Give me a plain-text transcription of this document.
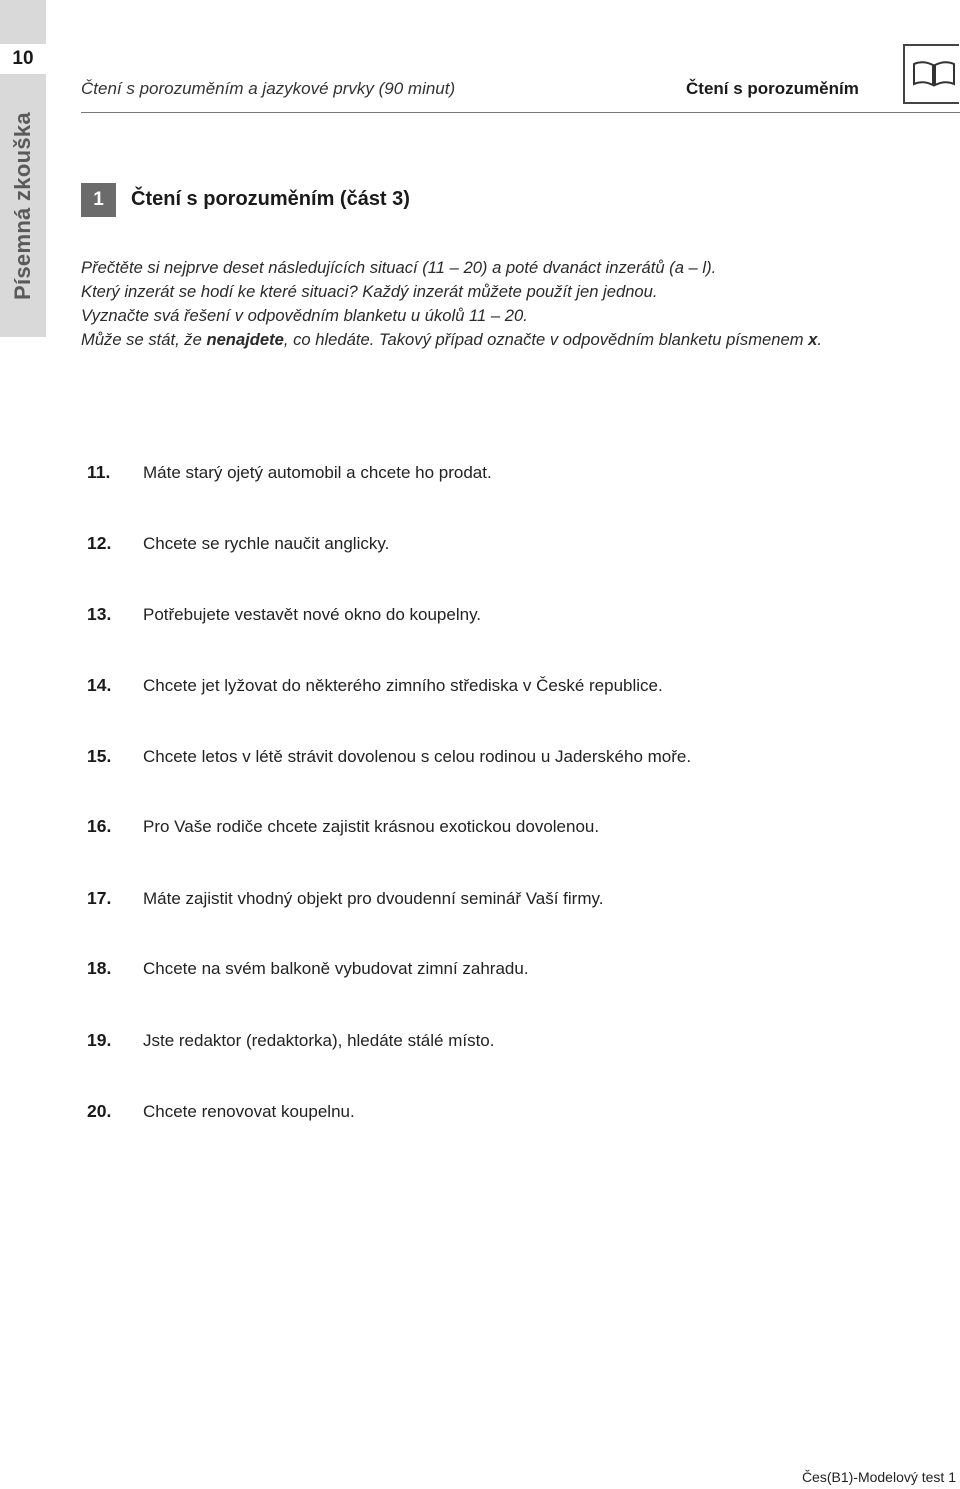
10
Písemná zkouška
Čtení s porozuměním a jazykové prvky (90 minut)	Čtení s porozuměním
1	Čtení s porozuměním (část 3)

Přečtěte si nejprve deset následujících situací (11 – 20) a poté dvanáct inzerátů (a – l).

Který inzerát se hodí ke které situaci? Každý inzerát můžete použít jen jednou.

Vyznačte svá řešení v odpovědním blanketu u úkolů 11 – 20.

Může se stát, že nenajdete, co hledáte. Takový případ označte v odpovědním blanketu písmenem x.

11.	Máte starý ojetý automobil a chcete ho prodat.
12.	Chcete se rychle naučit anglicky.
13.	Potřebujete vestavět nové okno do koupelny.
14.	Chcete jet lyžovat do některého zimního střediska v České republice.
15.	Chcete letos v létě strávit dovolenou s celou rodinou u Jaderského moře.
16.	Pro Vaše rodiče chcete zajistit krásnou exotickou dovolenou.
17.	Máte zajistit vhodný objekt pro dvoudenní seminář Vaší firmy.
18.	Chcete na svém balkoně vybudovat zimní zahradu.
19.	Jste redaktor (redaktorka), hledáte stálé místo.
20.	Chcete renovovat koupelnu.
Čes(B1)-Modelový test 1
